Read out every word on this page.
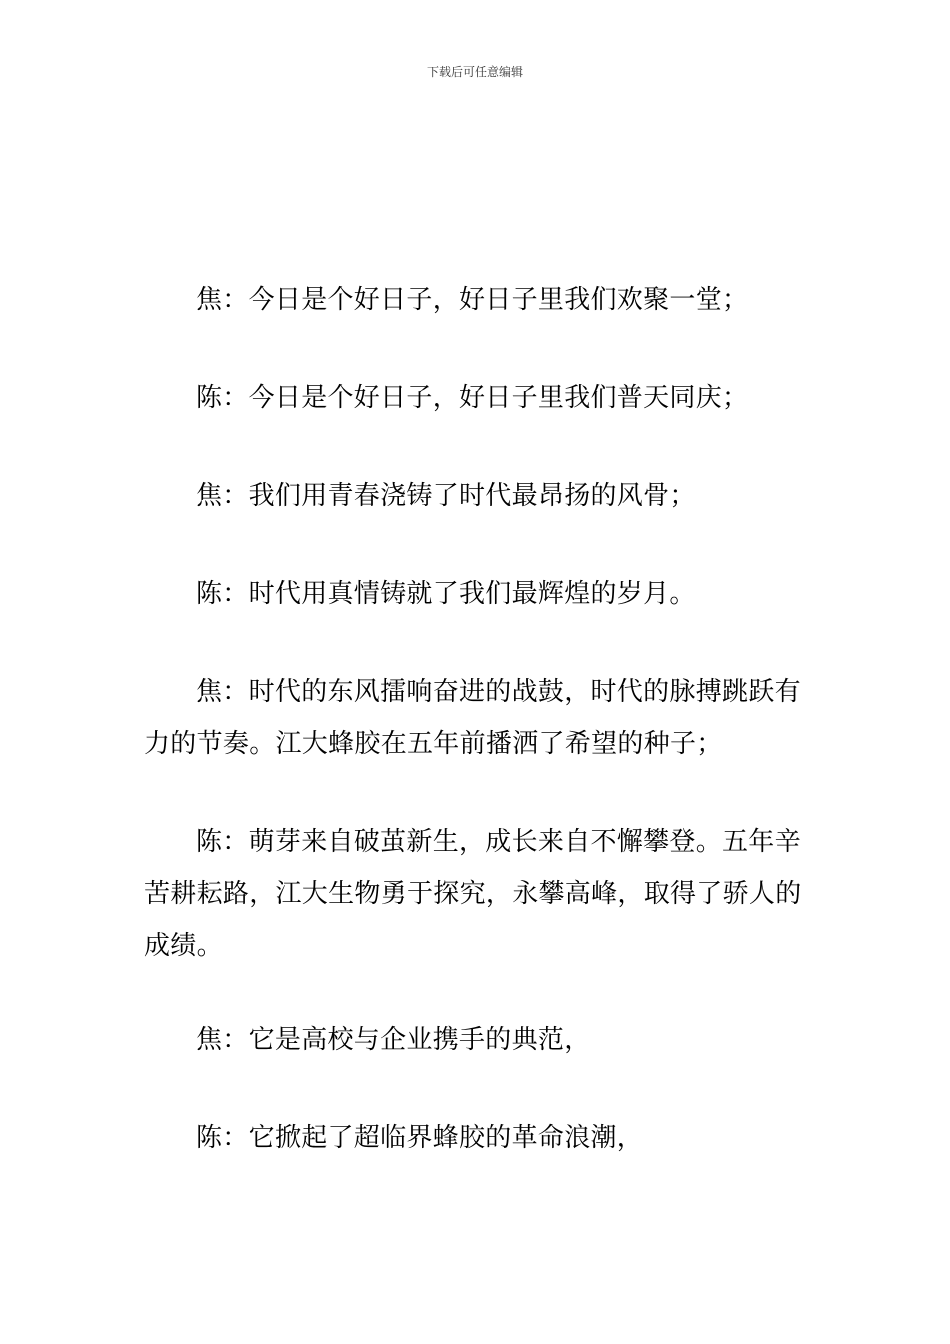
下载后可任意编辑

焦：今日是个好日子，好日子里我们欢聚一堂；

陈：今日是个好日子，好日子里我们普天同庆；

焦：我们用青春浇铸了时代最昂扬的风骨；

陈：时代用真情铸就了我们最辉煌的岁月。

焦：时代的东风擂响奋进的战鼓，时代的脉搏跳跃有力的节奏。江大蜂胶在五年前播洒了希望的种子；

陈：萌芽来自破茧新生，成长来自不懈攀登。五年辛苦耕耘路，江大生物勇于探究，永攀高峰，取得了骄人的成绩。

焦：它是高校与企业携手的典范，

陈：它掀起了超临界蜂胶的革命浪潮，
